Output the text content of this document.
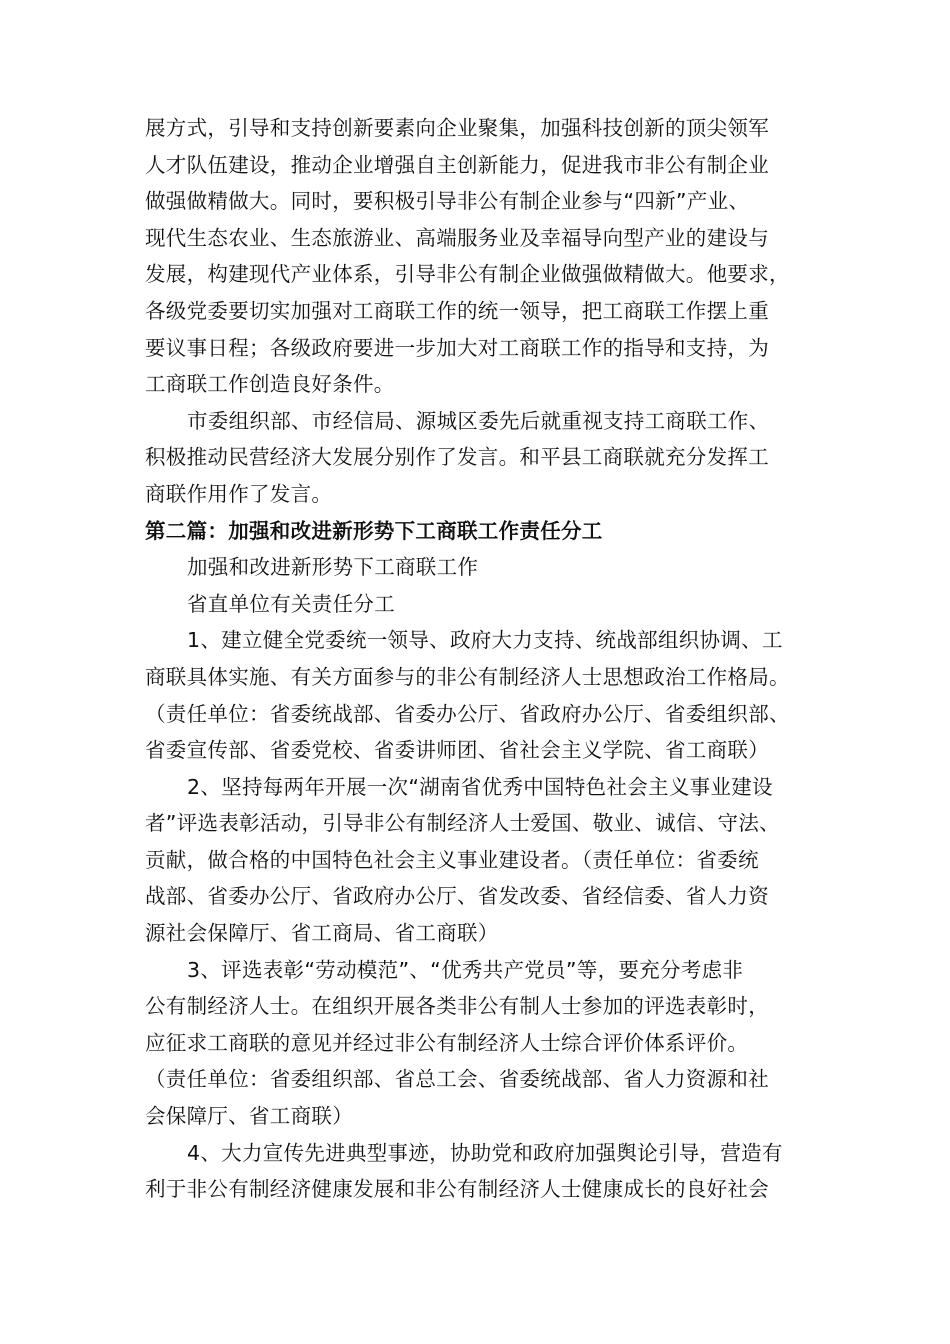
展方式，引导和支持创新要素向企业聚集，加强科技创新的顶尖领军
人才队伍建设，推动企业增强自主创新能力，促进我市非公有制企业
做强做精做大。同时，要积极引导非公有制企业参与“四新”产业、
现代生态农业、生态旅游业、高端服务业及幸福导向型产业的建设与
发展，构建现代产业体系，引导非公有制企业做强做精做大。他要求，
各级党委要切实加强对工商联工作的统一领导，把工商联工作摆上重
要议事日程；各级政府要进一步加大对工商联工作的指导和支持，为
工商联工作创造良好条件。
市委组织部、市经信局、源城区委先后就重视支持工商联工作、
积极推动民营经济大发展分别作了发言。和平县工商联就充分发挥工
商联作用作了发言。
第二篇：加强和改进新形势下工商联工作责任分工
加强和改进新形势下工商联工作
省直单位有关责任分工
1、建立健全党委统一领导、政府大力支持、统战部组织协调、工
商联具体实施、有关方面参与的非公有制经济人士思想政治工作格局。
（责任单位：省委统战部、省委办公厅、省政府办公厅、省委组织部、
省委宣传部、省委党校、省委讲师团、省社会主义学院、省工商联）
2、坚持每两年开展一次“湖南省优秀中国特色社会主义事业建设
者”评选表彰活动，引导非公有制经济人士爱国、敬业、诚信、守法、
贡献，做合格的中国特色社会主义事业建设者。（责任单位：省委统
战部、省委办公厅、省政府办公厅、省发改委、省经信委、省人力资
源社会保障厅、省工商局、省工商联）
3、评选表彰“劳动模范”、“优秀共产党员”等，要充分考虑非
公有制经济人士。在组织开展各类非公有制人士参加的评选表彰时，
应征求工商联的意见并经过非公有制经济人士综合评价体系评价。
（责任单位：省委组织部、省总工会、省委统战部、省人力资源和社
会保障厅、省工商联）
4、大力宣传先进典型事迹，协助党和政府加强舆论引导，营造有
利于非公有制经济健康发展和非公有制经济人士健康成长的良好社会
